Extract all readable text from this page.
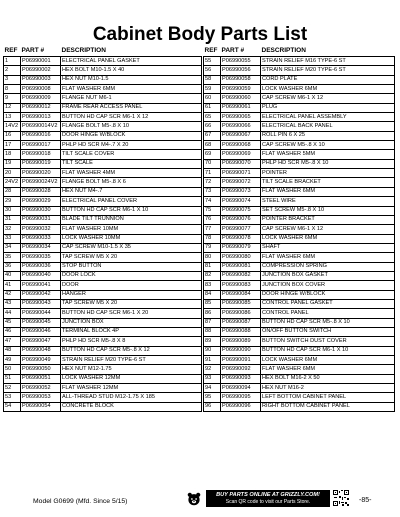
Cabinet Body Parts List
REF	PART #	DESCRIPTION
1	P06990001	ELECTRICAL PANEL GASKET
2	P06990002	HEX BOLT M10-1.5 X 40
3	P06990003	HEX NUT M10-1.5
8	P06990008	FLAT WASHER 6MM
9	P06990009	FLANGE NUT M6-1
12	P06990012	FRAME REAR ACCESS PANEL
13	P06990013	BUTTON HD CAP SCR M6-1 X 12
14V2	P06990014V2	FLANGE BOLT M5-.8 X 10
16	P06990016	DOOR HINGE W/BLOCK
17	P06990017	PHLP HD SCR M4-.7 X 20
18	P06990018	TILT SCALE COVER
19	P06990019	TILT SCALE
20	P06990020	FLAT WASHER 4MM
24V2	P06990024V2	FLANGE BOLT M5-.8 X 6
28	P06990028	HEX NUT M4-.7
29	P06990029	ELECTRICAL PANEL COVER
30	P06990030	BUTTON HD CAP SCR M6-1 X 10
31	P06990031	BLADE TILT TRUNNION
32	P06990032	FLAT WASHER 10MM
33	P06990033	LOCK WASHER 10MM
34	P06990034	CAP SCREW M10-1.5 X 35
35	P06990035	TAP SCREW M5 X 20
36	P06990036	STOP BUTTON
40	P06990040	DOOR LOCK
41	P06990041	DOOR
42	P06990042	HANGER
43	P06990043	TAP SCREW M5 X 20
44	P06990044	BUTTON HD CAP SCR M6-1 X 20
45	P06990045	JUNCTION BOX
46	P06990046	TERMINAL BLOCK 4P
47	P06990047	PHLP HD SCR M5-.8 X 8
48	P06990048	BUTTON HD CAP SCR M5-.8 X 12
49	P06990049	STRAIN RELIEF M20 TYPE-6 ST
50	P06990050	HEX NUT M12-1.75
51	P06990051	LOCK WASHER 12MM
52	P06990052	FLAT WASHER 12MM
53	P06990053	ALL-THREAD STUD M12-1.75 X 185
54	P06990054	CONCRETE BLOCK
REF	PART #	DESCRIPTION
55	P06990055	STRAIN RELIEF M16 TYPE-6 ST
56	P06990056	STRAIN RELIEF M20 TYPE-6 ST
58	P06990058	CORD PLATE
59	P06990059	LOCK WASHER 6MM
60	P06990060	CAP SCREW M6-1 X 12
61	P06990061	PLUG
65	P06990065	ELECTRICAL PANEL ASSEMBLY
66	P06990066	ELECTRICAL BACK PANEL
67	P06990067	ROLL PIN 6 X 25
68	P06990068	CAP SCREW M5-.8 X 10
69	P06990069	FLAT WASHER 5MM
70	P06990070	PHLP HD SCR M5-.8 X 10
71	P06990071	POINTER
72	P06990072	TILT SCALE BRACKET
73	P06990073	FLAT WASHER 6MM
74	P06990074	STEEL WIRE
75	P06990075	SET SCREW M5-.8 X 10
76	P06990076	POINTER BRACKET
77	P06990077	CAP SCREW M6-1 X 12
78	P06990078	LOCK WASHER 6MM
79	P06990079	SHAFT
80	P06990080	FLAT WASHER 6MM
81	P06990081	COMPRESSION SPRING
82	P06990082	JUNCTION BOX GASKET
83	P06990083	JUNCTION BOX COVER
84	P06990084	DOOR HINGE W/BLOCK
85	P06990085	CONTROL PANEL GASKET
86	P06990086	CONTROL PANEL
87	P06990087	BUTTON HD CAP SCR M5-.8 X 10
88	P06990088	ON/OFF BUTTON SWITCH
89	P06990089	BUTTON SWITCH DUST COVER
90	P06990090	BUTTON HD CAP SCR M6-1 X 10
91	P06990091	LOCK WASHER 6MM
92	P06990092	FLAT WASHER 6MM
93	P06990093	HEX BOLT M16-2 X 50
94	P06990094	HEX NUT M16-2
95	P06990095	LEFT BOTTOM CABINET PANEL
96	P06990096	RIGHT BOTTOM CABINET PANEL
Model G0699 (Mfd. Since 5/15)
BUY PARTS ONLINE AT GRIZZLY.COM!
Scan QR code to visit our Parts Store.	-85-
